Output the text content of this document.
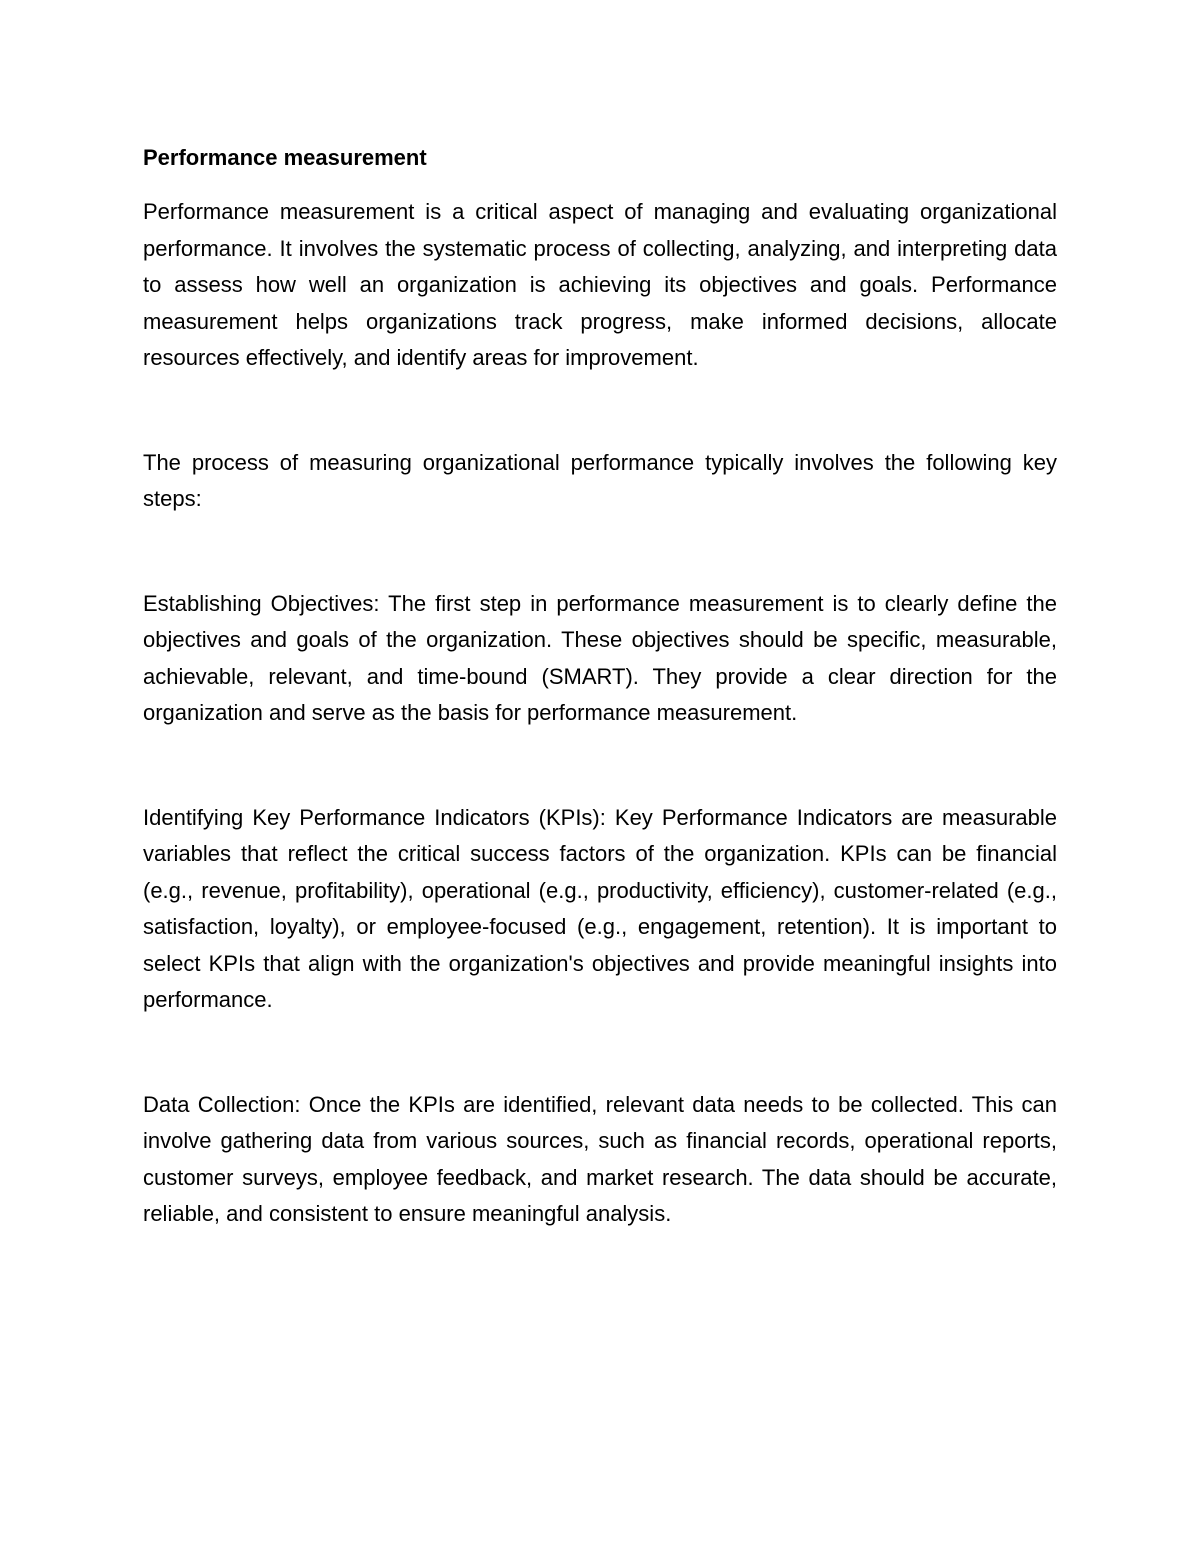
Performance measurement

Performance measurement is a critical aspect of managing and evaluating organizational performance. It involves the systematic process of collecting, analyzing, and interpreting data to assess how well an organization is achieving its objectives and goals. Performance measurement helps organizations track progress, make informed decisions, allocate resources effectively, and identify areas for improvement.

The process of measuring organizational performance typically involves the following key steps:

Establishing Objectives: The first step in performance measurement is to clearly define the objectives and goals of the organization. These objectives should be specific, measurable, achievable, relevant, and time-bound (SMART). They provide a clear direction for the organization and serve as the basis for performance measurement.

Identifying Key Performance Indicators (KPIs): Key Performance Indicators are measurable variables that reflect the critical success factors of the organization. KPIs can be financial (e.g., revenue, profitability), operational (e.g., productivity, efficiency), customer-related (e.g., satisfaction, loyalty), or employee-focused (e.g., engagement, retention). It is important to select KPIs that align with the organization's objectives and provide meaningful insights into performance.

Data Collection: Once the KPIs are identified, relevant data needs to be collected. This can involve gathering data from various sources, such as financial records, operational reports, customer surveys, employee feedback, and market research. The data should be accurate, reliable, and consistent to ensure meaningful analysis.
